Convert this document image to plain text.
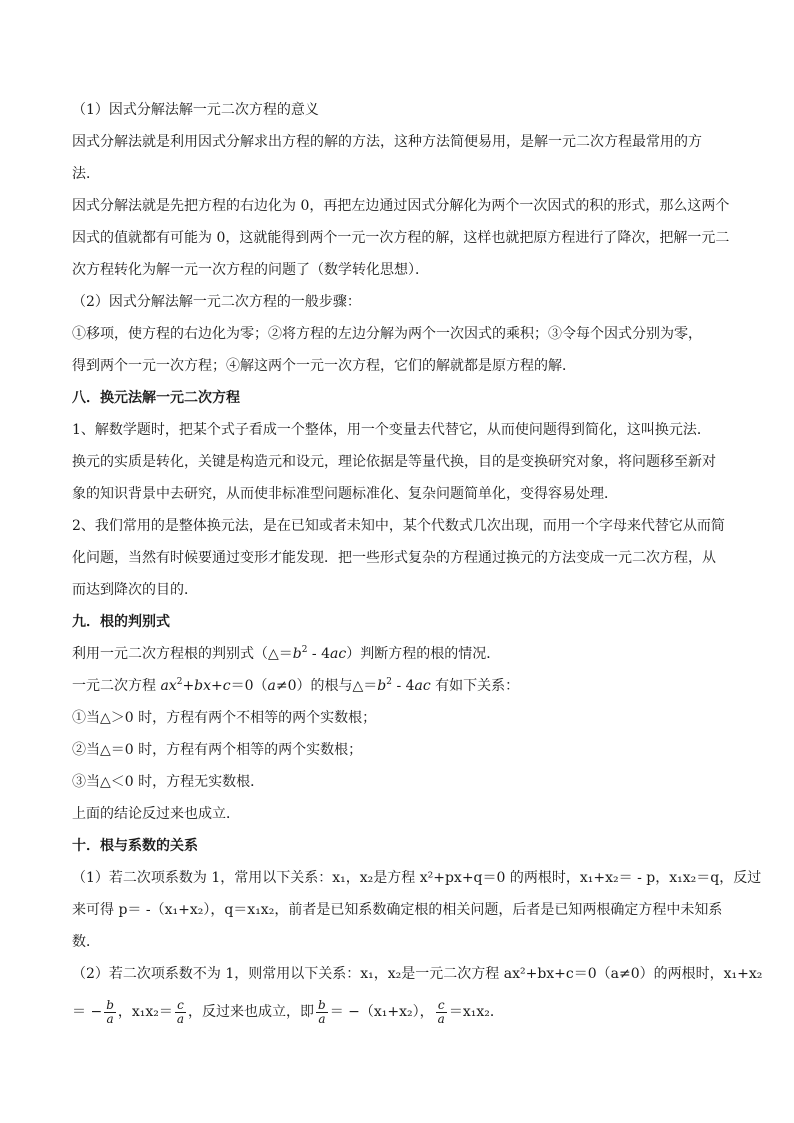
（1）因式分解法解一元二次方程的意义
因式分解法就是利用因式分解求出方程的解的方法，这种方法简便易用，是解一元二次方程最常用的方
法．
因式分解法就是先把方程的右边化为 0，再把左边通过因式分解化为两个一次因式的积的形式，那么这两个
因式的值就都有可能为 0，这就能得到两个一元一次方程的解，这样也就把原方程进行了降次，把解一元二
次方程转化为解一元一次方程的问题了（数学转化思想）．
（2）因式分解法解一元二次方程的一般步骤：
①移项，使方程的右边化为零；②将方程的左边分解为两个一次因式的乘积；③令每个因式分别为零，
得到两个一元一次方程；④解这两个一元一次方程，它们的解就都是原方程的解．
八．换元法解一元二次方程
1、解数学题时，把某个式子看成一个整体，用一个变量去代替它，从而使问题得到简化，这叫换元法．
换元的实质是转化，关键是构造元和设元，理论依据是等量代换，目的是变换研究对象，将问题移至新对
象的知识背景中去研究，从而使非标准型问题标准化、复杂问题简单化，变得容易处理．
2、我们常用的是整体换元法，是在已知或者未知中，某个代数式几次出现，而用一个字母来代替它从而简
化问题，当然有时候要通过变形才能发现．把一些形式复杂的方程通过换元的方法变成一元二次方程，从
而达到降次的目的．
九．根的判别式
利用一元二次方程根的判别式$(\triangle=b^2 - 4ac)$判断方程的根的情况．
一元二次方程 $ax^2+bx+c=0(a\ne 0)$的根与$\triangle=b^2 - 4ac$ 有如下关系：
①当△＞0 时，方程有两个不相等的两个实数根；
②当△＝0 时，方程有两个相等的两个实数根；
③当△＜0 时，方程无实数根．
上面的结论反过来也成立．
十．根与系数的关系
（1）若二次项系数为 1，常用以下关系：x₁，x₂是方程 x²+px+q＝0 的两根时，x₁+x₂＝ - p，x₁x₂＝q，反过
来可得 p＝ -（x₁+x₂），q＝x₁x₂，前者是已知系数确定根的相关问题，后者是已知两根确定方程中未知系
数．
（2）若二次项系数不为 1，则常用以下关系：x₁，x₂是一元二次方程 ax²+bx+c＝0（a≠0）的两根时，x₁+x₂
＝ − $\frac{b}{a}$ ，$x_1x_2= \frac{c}{a}$ ，反过来也成立，即 $\frac{b}{a} = -(x_1+x_2)$， $\frac{c}{a} =x_1x_2$．
